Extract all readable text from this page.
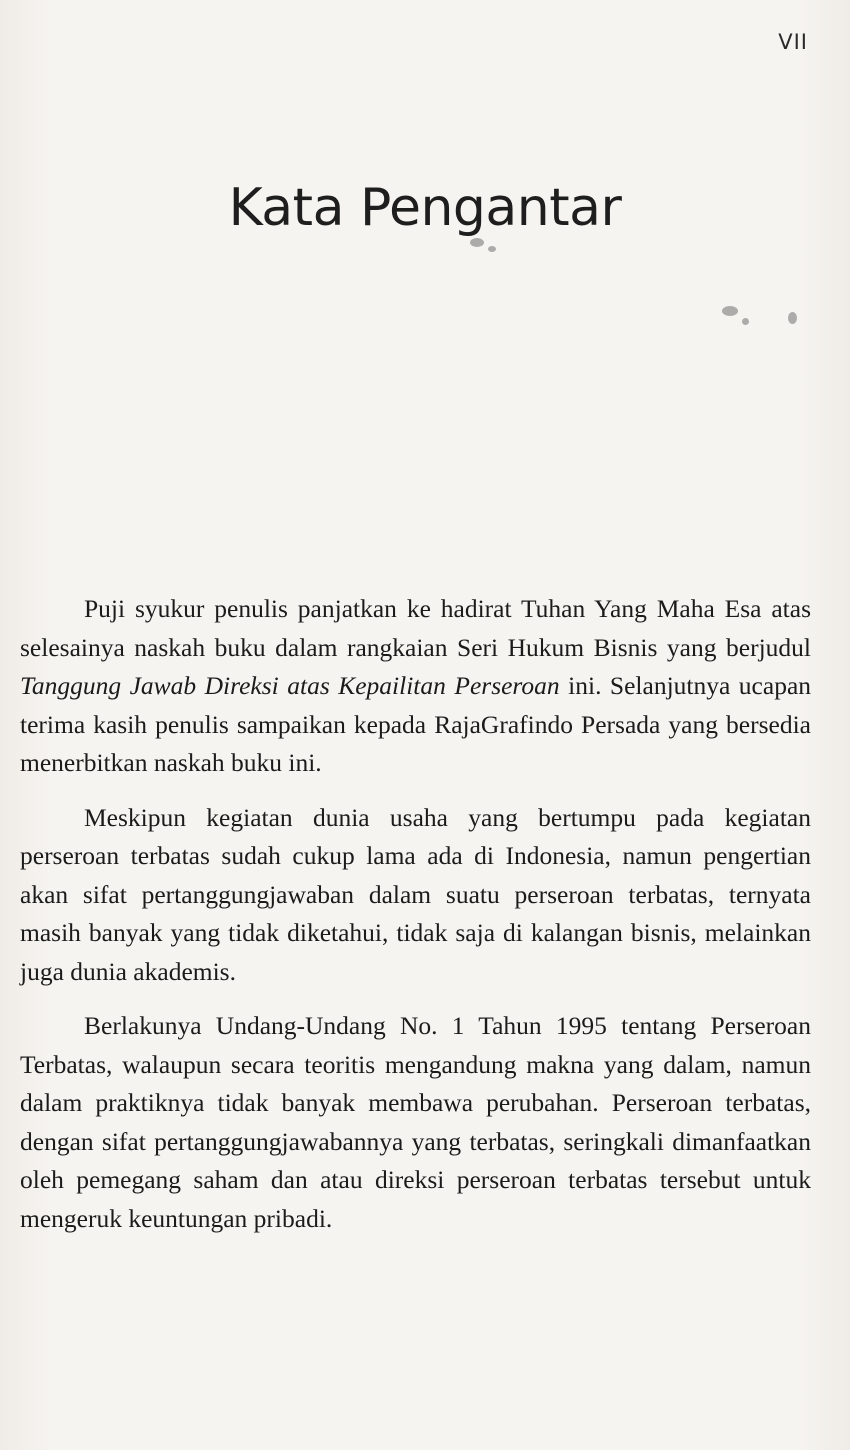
VII
Kata Pengantar

Puji syukur penulis panjatkan ke hadirat Tuhan Yang Maha Esa atas selesainya naskah buku dalam rangkaian Seri Hukum Bisnis yang berjudul Tanggung Jawab Direksi atas Kepailitan Perseroan ini. Selanjutnya ucapan terima kasih penulis sampaikan kepada RajaGrafindo Persada yang bersedia menerbitkan naskah buku ini.

Meskipun kegiatan dunia usaha yang bertumpu pada kegiatan perseroan terbatas sudah cukup lama ada di Indonesia, namun pengertian akan sifat pertanggungjawaban dalam suatu perseroan terbatas, ternyata masih banyak yang tidak diketahui, tidak saja di kalangan bisnis, melainkan juga dunia akademis.

Berlakunya Undang-Undang No. 1 Tahun 1995 tentang Perseroan Terbatas, walaupun secara teoritis mengandung makna yang dalam, namun dalam praktiknya tidak banyak membawa perubahan. Perseroan terbatas, dengan sifat pertanggungjawabannya yang terbatas, seringkali dimanfaatkan oleh pemegang saham dan atau direksi perseroan terbatas tersebut untuk mengeruk keuntungan pribadi.
